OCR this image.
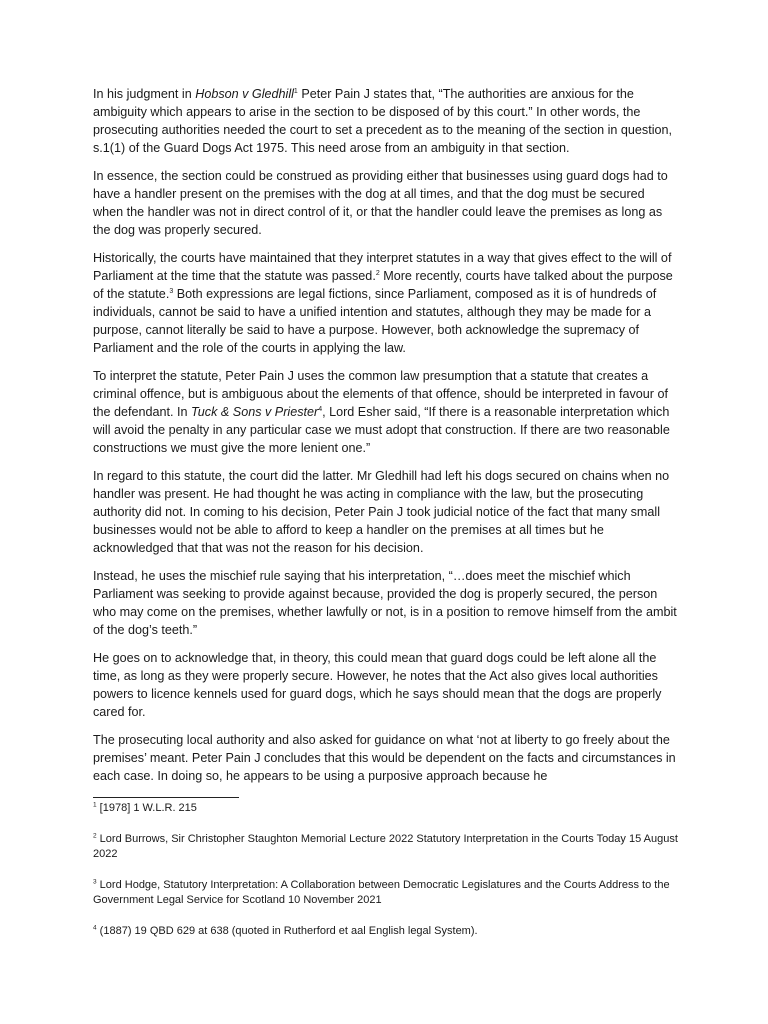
In his judgment in Hobson v Gledhill$^1$ Peter Pain J states that, “The authorities are anxious for the ambiguity which appears to arise in the section to be disposed of by this court.” In other words, the prosecuting authorities needed the court to set a precedent as to the meaning of the section in question, s.1(1) of the Guard Dogs Act 1975. This need arose from an ambiguity in that section.

In essence, the section could be construed as providing either that businesses using guard dogs had to have a handler present on the premises with the dog at all times, and that the dog must be secured when the handler was not in direct control of it, or that the handler could leave the premises as long as the dog was properly secured.

Historically, the courts have maintained that they interpret statutes in a way that gives effect to the will of Parliament at the time that the statute was passed.$^2$ More recently, courts have talked about the purpose of the statute.$^3$ Both expressions are legal fictions, since Parliament, composed as it is of hundreds of individuals, cannot be said to have a unified intention and statutes, although they may be made for a purpose, cannot literally be said to have a purpose. However, both acknowledge the supremacy of Parliament and the role of the courts in applying the law.

To interpret the statute, Peter Pain J uses the common law presumption that a statute that creates a criminal offence, but is ambiguous about the elements of that offence, should be interpreted in favour of the defendant. In Tuck & Sons v Priester$^4$, Lord Esher said, “If there is a reasonable interpretation which will avoid the penalty in any particular case we must adopt that construction. If there are two reasonable constructions we must give the more lenient one.”

In regard to this statute, the court did the latter. Mr Gledhill had left his dogs secured on chains when no handler was present. He had thought he was acting in compliance with the law, but the prosecuting authority did not. In coming to his decision, Peter Pain J took judicial notice of the fact that many small businesses would not be able to afford to keep a handler on the premises at all times but he acknowledged that that was not the reason for his decision.

Instead, he uses the mischief rule saying that his interpretation, “…does meet the mischief which Parliament was seeking to provide against because, provided the dog is properly secured, the person who may come on the premises, whether lawfully or not, is in a position to remove himself from the ambit of the dog’s teeth.”

He goes on to acknowledge that, in theory, this could mean that guard dogs could be left alone all the time, as long as they were properly secure. However, he notes that the Act also gives local authorities powers to licence kennels used for guard dogs, which he says should mean that the dogs are properly cared for.

The prosecuting local authority and also asked for guidance on what ‘not at liberty to go freely about the premises’ meant. Peter Pain J concludes that this would be dependent on the facts and circumstances in each case. In doing so, he appears to be using a purposive approach because he

$^1$ [1978] 1 W.L.R. 215

$^2$ Lord Burrows, Sir Christopher Staughton Memorial Lecture 2022 Statutory Interpretation in the Courts Today 15 August 2022

$^3$ Lord Hodge, Statutory Interpretation: A Collaboration between Democratic Legislatures and the Courts Address to the Government Legal Service for Scotland 10 November 2021

$^4$ (1887) 19 QBD 629 at 638 (quoted in Rutherford et aal English legal System).
